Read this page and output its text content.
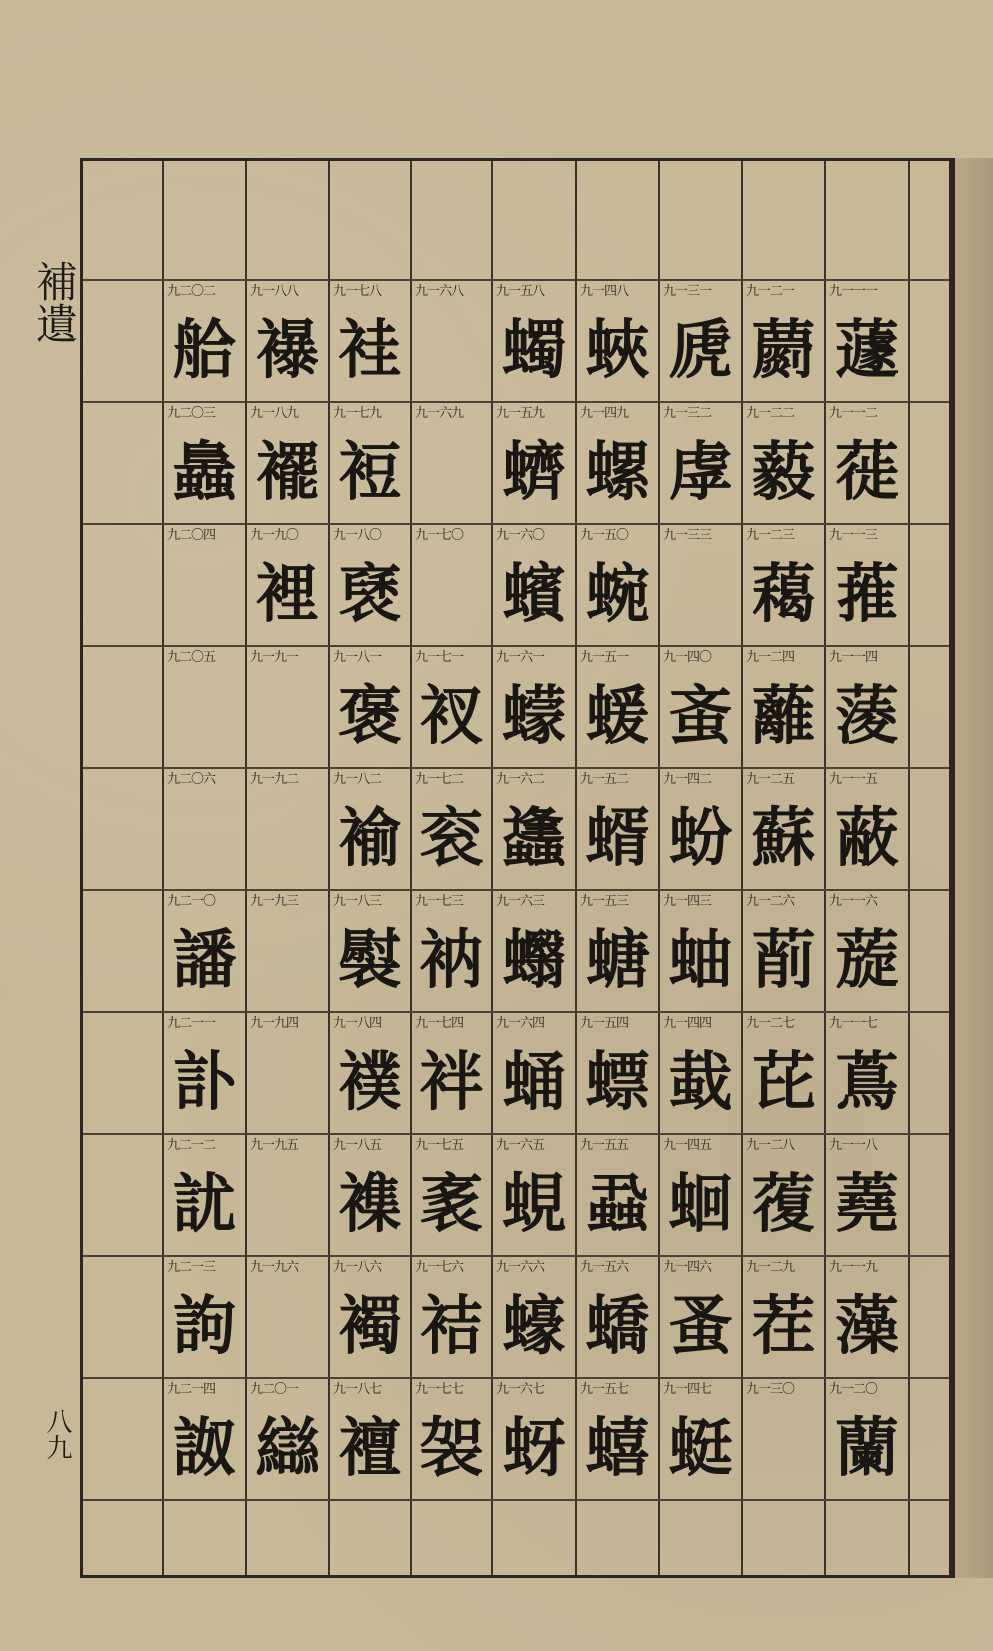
補遺
八九
九二〇二
䑪
九二〇三
䘀
九二〇四
九二〇五
九二〇六
九二一〇
譒
九二一一
訃
九二一二
訧
九二一三
訽
九二一四
詉
九一八八
襮
九一八九
襬
九一九〇
裡
九一九一
九一九二
九一九三
九一九四
九一九五
九一九六
九二〇一
䜌
九一七八
袿
九一七九
裋
九一八〇
褎
九一八一
褒
九一八二
褕
九一八三
褽
九一八四
襆
九一八五
襍
九一八六
襡
九一八七
襢
九一六八
九一六九
九一七〇
九一七一
衩
九一七二
衮
九一七三
衲
九一七四
袢
九一七五
袲
九一七六
袺
九一七七
袈
九一五八
蠋
九一五九
蠐
九一六〇
蠙
九一六一
蠓
九一六二
蠭
九一六三
蠮
九一六四
蛹
九一六五
蜆
九一六六
蠔
九一六七
蚜
九一四八
蛺
九一四九
螺
九一五〇
蜿
九一五一
蝯
九一五二
蝑
九一五三
螗
九一五四
螵
九一五五
蝨
九一五六
蟜
九一五七
蟢
九一三一
虒
九一三二
虖
九一三三
九一四〇
蚉
九一四二
蚡
九一四三
蚰
九一四四
蛓
九一四五
蛔
九一四六
蚤
九一四七
蜓
九一二一
蘮
九一二二
藙
九一二三
藒
九一二四
蘺
九一二五
蘇
九一二六
萷
九一二七
芘
九一二八
蕧
九一二九
茬
九一三〇
九一一一
蘧
九一一二
蓰
九一一三
蓷
九一一四
蔆
九一一五
蔽
九一一六
蔙
九一一七
蔦
九一一八
蕘
九一一九
藻
九一二〇
蘭
